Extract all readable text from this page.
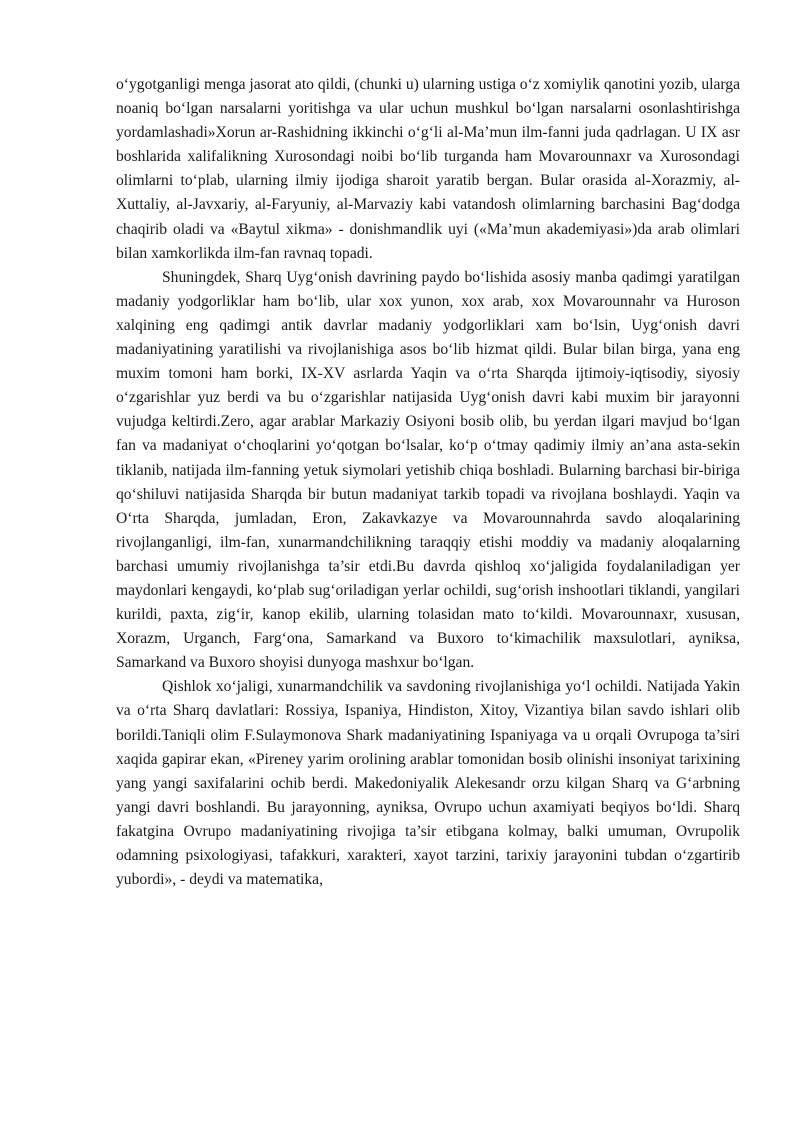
o‘ygotganligi menga jasorat ato qildi, (chunki u) ularning ustiga o‘z xomiylik qanotini yozib, ularga noaniq bo‘lgan narsalarni yoritishga va ular uchun mushkul bo‘lgan narsalarni osonlashtirishga yordamlashadi»Xorun ar-Rashidning ikkinchi o‘g‘li al-Ma’mun ilm-fanni juda qadrlagan. U IX asr boshlarida xalifalikning Xurosondagi noibi bo‘lib turganda ham Movarounnaxr va Xurosondagi olimlarni to‘plab, ularning ilmiy ijodiga sharoit yaratib bergan. Bular orasida al-Xorazmiy, al-Xuttaliy, al-Javxariy, al-Faryuniy, al-Marvaziy kabi vatandosh olimlarning barchasini Bag‘dodga chaqirib oladi va «Baytul xikma» - donishmandlik uyi («Ma’mun akademiyasi»)da arab olimlari bilan xamkorlikda ilm-fan ravnaq topadi.

Shuningdek, Sharq Uyg‘onish davrining paydo bo‘lishida asosiy manba qadimgi yaratilgan madaniy yodgorliklar ham bo‘lib, ular xox yunon, xox arab, xox Movarounnahr va Huroson xalqining eng qadimgi antik davrlar madaniy yodgorliklari xam bo‘lsin, Uyg‘onish davri madaniyatining yaratilishi va rivojlanishiga asos bo‘lib hizmat qildi. Bular bilan birga, yana eng muxim tomoni ham borki, IX-XV asrlarda Yaqin va o‘rta Sharqda ijtimoiy-iqtisodiy, siyosiy o‘zgarishlar yuz berdi va bu o‘zgarishlar natijasida Uyg‘onish davri kabi muxim bir jarayonni vujudga keltirdi.Zero, agar arablar Markaziy Osiyoni bosib olib, bu yerdan ilgari mavjud bo‘lgan fan va madaniyat o‘choqlarini yo‘qotgan bo‘lsalar, ko‘p o‘tmay qadimiy ilmiy an’ana asta-sekin tiklanib, natijada ilm-fanning yetuk siymolari yetishib chiqa boshladi. Bularning barchasi bir-biriga qo‘shiluvi natijasida Sharqda bir butun madaniyat tarkib topadi va rivojlana boshlaydi. Yaqin va O‘rta Sharqda, jumladan, Eron, Zakavkazye va Movarounnahrda savdo aloqalarining rivojlanganligi, ilm-fan, xunarmandchilikning taraqqiy etishi moddiy va madaniy aloqalarning barchasi umumiy rivojlanishga ta’sir etdi.Bu davrda qishloq xo‘jaligida foydalaniladigan yer maydonlari kengaydi, ko‘plab sug‘oriladigan yerlar ochildi, sug‘orish inshootlari tiklandi, yangilari kurildi, paxta, zig‘ir, kanop ekilib, ularning tolasidan mato to‘kildi. Movarounnaxr, xususan, Xorazm, Urganch, Farg‘ona, Samarkand va Buxoro to‘kimachilik maxsulotlari, ayniksa, Samarkand va Buxoro shoyisi dunyoga mashxur bo‘lgan.

Qishlok xo‘jaligi, xunarmandchilik va savdoning rivojlanishiga yo‘l ochildi. Natijada Yakin va o‘rta Sharq davlatlari: Rossiya, Ispaniya, Hindiston, Xitoy, Vizantiya bilan savdo ishlari olib borildi.Taniqli olim F.Sulaymonova Shark madaniyatining Ispaniyaga va u orqali Ovrupoga ta’siri xaqida gapirar ekan, «Pireney yarim orolining arablar tomonidan bosib olinishi insoniyat tarixining yang yangi saxifalarini ochib berdi. Makedoniyalik Alekesandr orzu kilgan Sharq va G‘arbning yangi davri boshlandi. Bu jarayonning, ayniksa, Ovrupo uchun axamiyati beqiyos bo‘ldi. Sharq fakatgina Ovrupo madaniyatining rivojiga ta’sir etibgana kolmay, balki umuman, Ovrupolik odamning psixologiyasi, tafakkuri, xarakteri, xayot tarzini, tarixiy jarayonini tubdan o‘zgartirib yubordi», - deydi va matematika,
